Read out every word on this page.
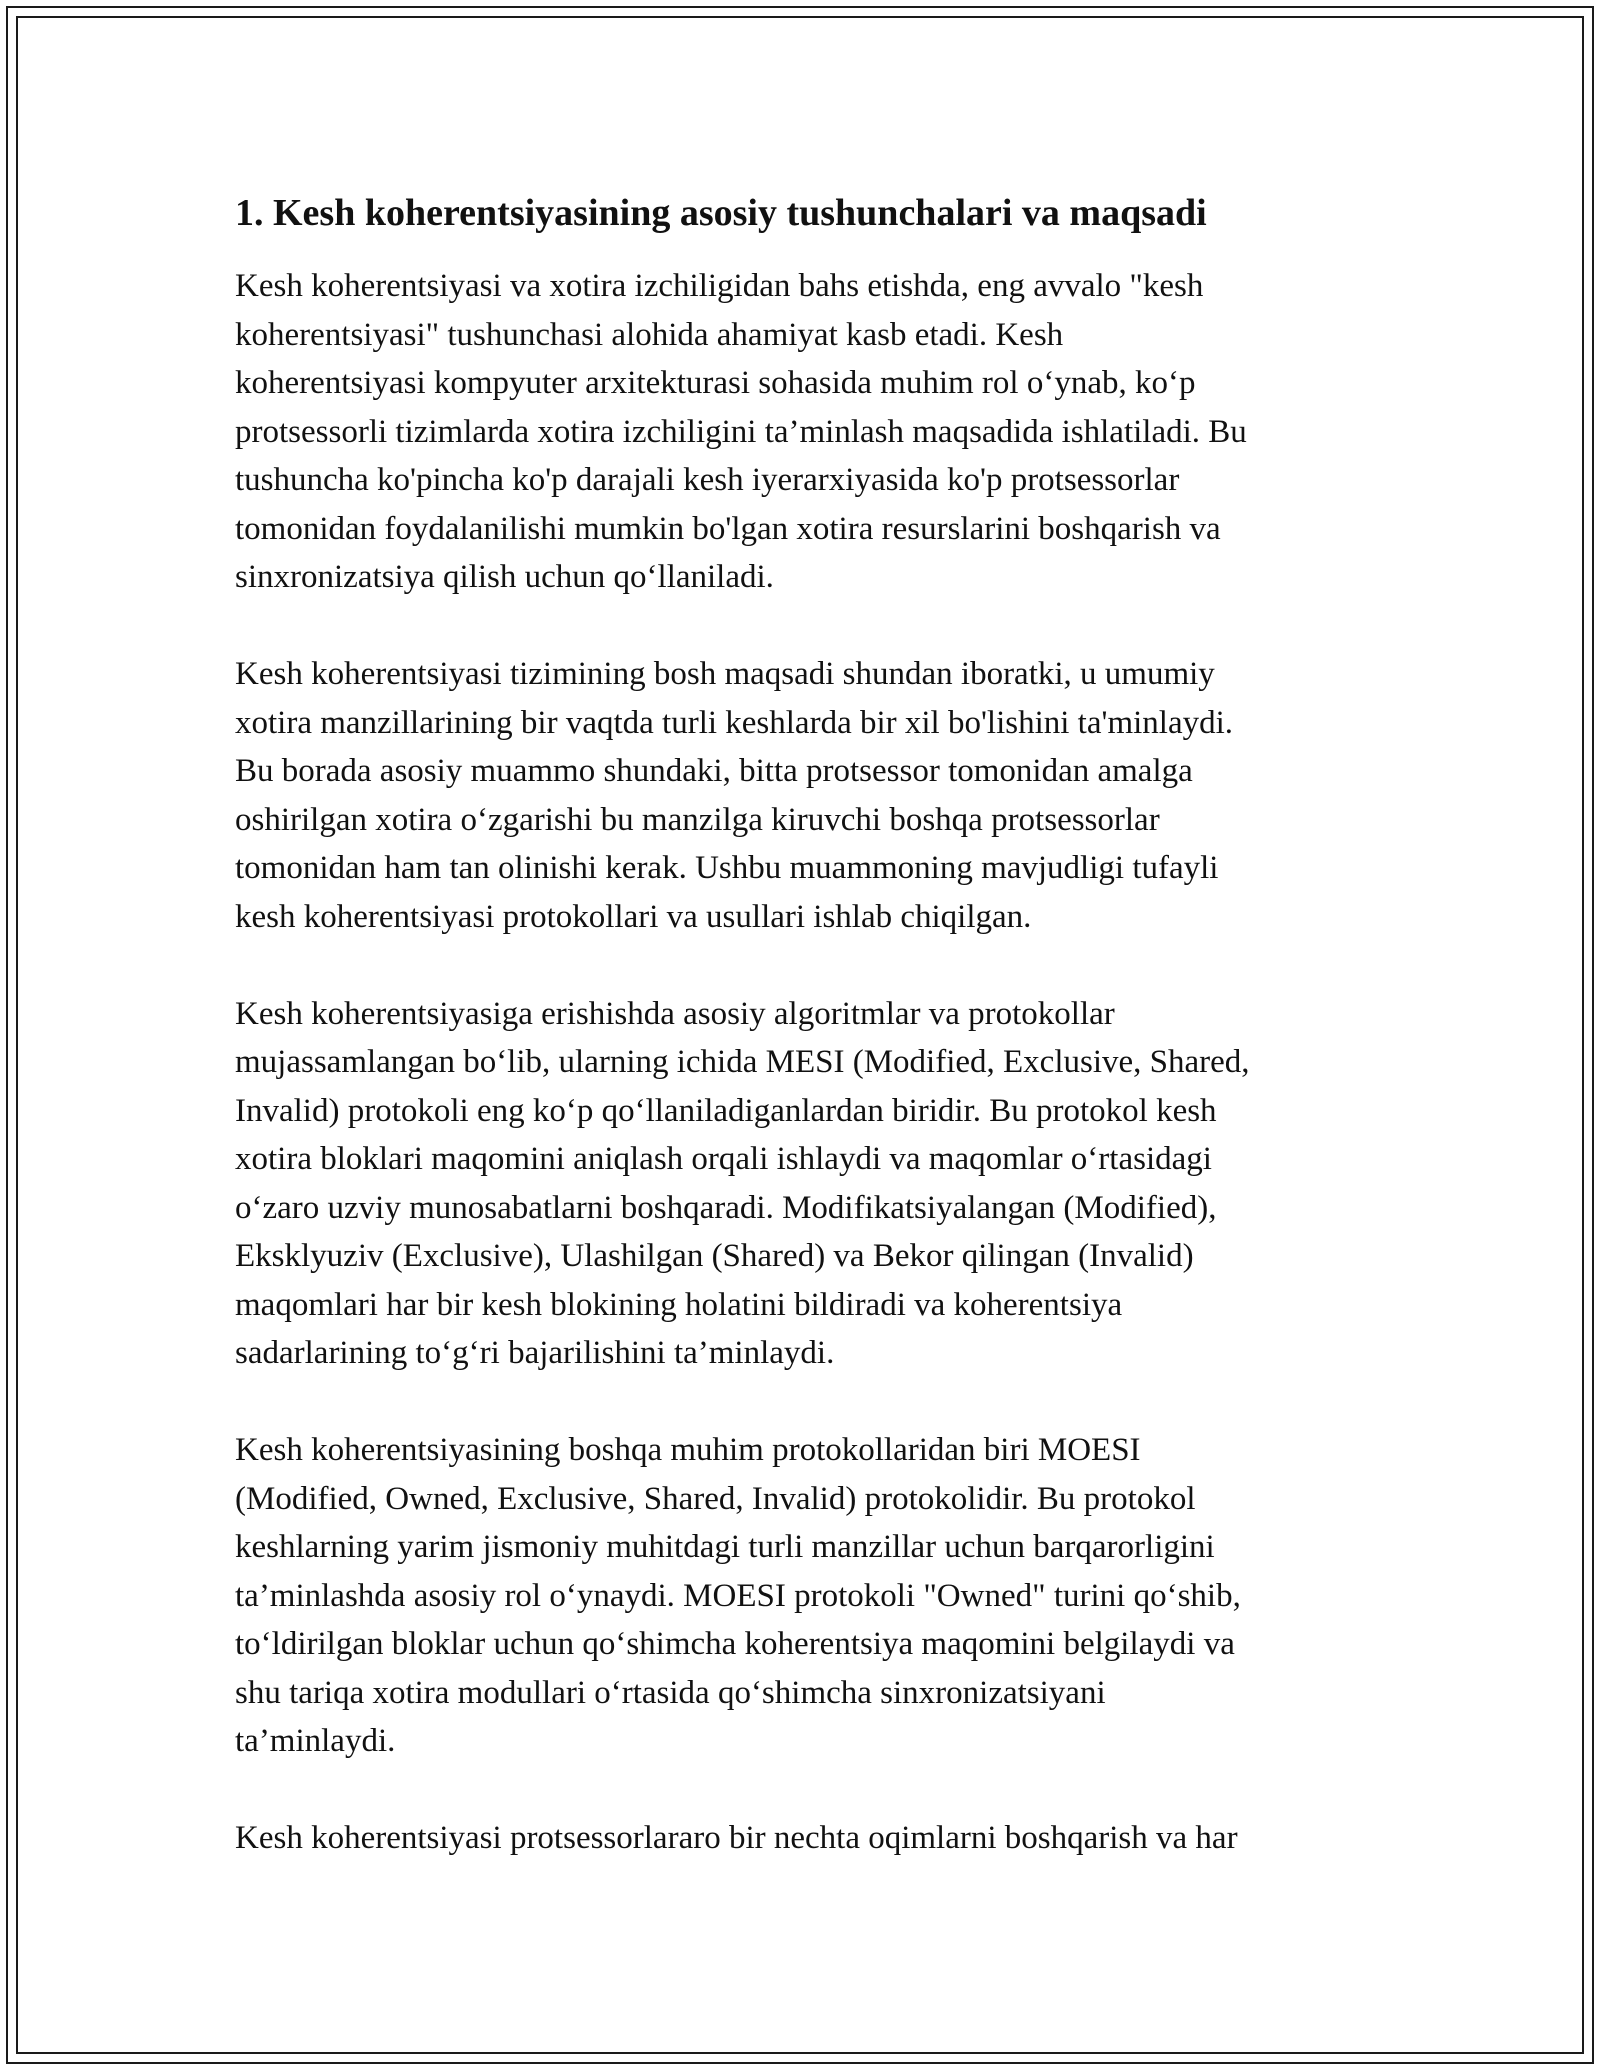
1. Kesh koherentsiyasining asosiy tushunchalari va maqsadi
Kesh koherentsiyasi va xotira izchiligidan bahs etishda, eng avvalo "kesh
koherentsiyasi" tushunchasi alohida ahamiyat kasb etadi. Kesh
koherentsiyasi kompyuter arxitekturasi sohasida muhim rol o‘ynab, ko‘p
protsessorli tizimlarda xotira izchiligini ta’minlash maqsadida ishlatiladi. Bu
tushuncha ko'pincha ko'p darajali kesh iyerarxiyasida ko'p protsessorlar
tomonidan foydalanilishi mumkin bo'lgan xotira resurslarini boshqarish va
sinxronizatsiya qilish uchun qo‘llaniladi.
Kesh koherentsiyasi tizimining bosh maqsadi shundan iboratki, u umumiy
xotira manzillarining bir vaqtda turli keshlarda bir xil bo'lishini ta'minlaydi.
Bu borada asosiy muammo shundaki, bitta protsessor tomonidan amalga
oshirilgan xotira o‘zgarishi bu manzilga kiruvchi boshqa protsessorlar
tomonidan ham tan olinishi kerak. Ushbu muammoning mavjudligi tufayli
kesh koherentsiyasi protokollari va usullari ishlab chiqilgan.
Kesh koherentsiyasiga erishishda asosiy algoritmlar va protokollar
mujassamlangan bo‘lib, ularning ichida MESI (Modified, Exclusive, Shared,
Invalid) protokoli eng ko‘p qo‘llaniladiganlardan biridir. Bu protokol kesh
xotira bloklari maqomini aniqlash orqali ishlaydi va maqomlar o‘rtasidagi
o‘zaro uzviy munosabatlarni boshqaradi. Modifikatsiyalangan (Modified),
Eksklyuziv (Exclusive), Ulashilgan (Shared) va Bekor qilingan (Invalid)
maqomlari har bir kesh blokining holatini bildiradi va koherentsiya
sadarlarining to‘g‘ri bajarilishini ta’minlaydi.
Kesh koherentsiyasining boshqa muhim protokollaridan biri MOESI
(Modified, Owned, Exclusive, Shared, Invalid) protokolidir. Bu protokol
keshlarning yarim jismoniy muhitdagi turli manzillar uchun barqarorligini
ta’minlashda asosiy rol o‘ynaydi. MOESI protokoli "Owned" turini qo‘shib,
to‘ldirilgan bloklar uchun qo‘shimcha koherentsiya maqomini belgilaydi va
shu tariqa xotira modullari o‘rtasida qo‘shimcha sinxronizatsiyani
ta’minlaydi.
Kesh koherentsiyasi protsessorlararo bir nechta oqimlarni boshqarish va har
